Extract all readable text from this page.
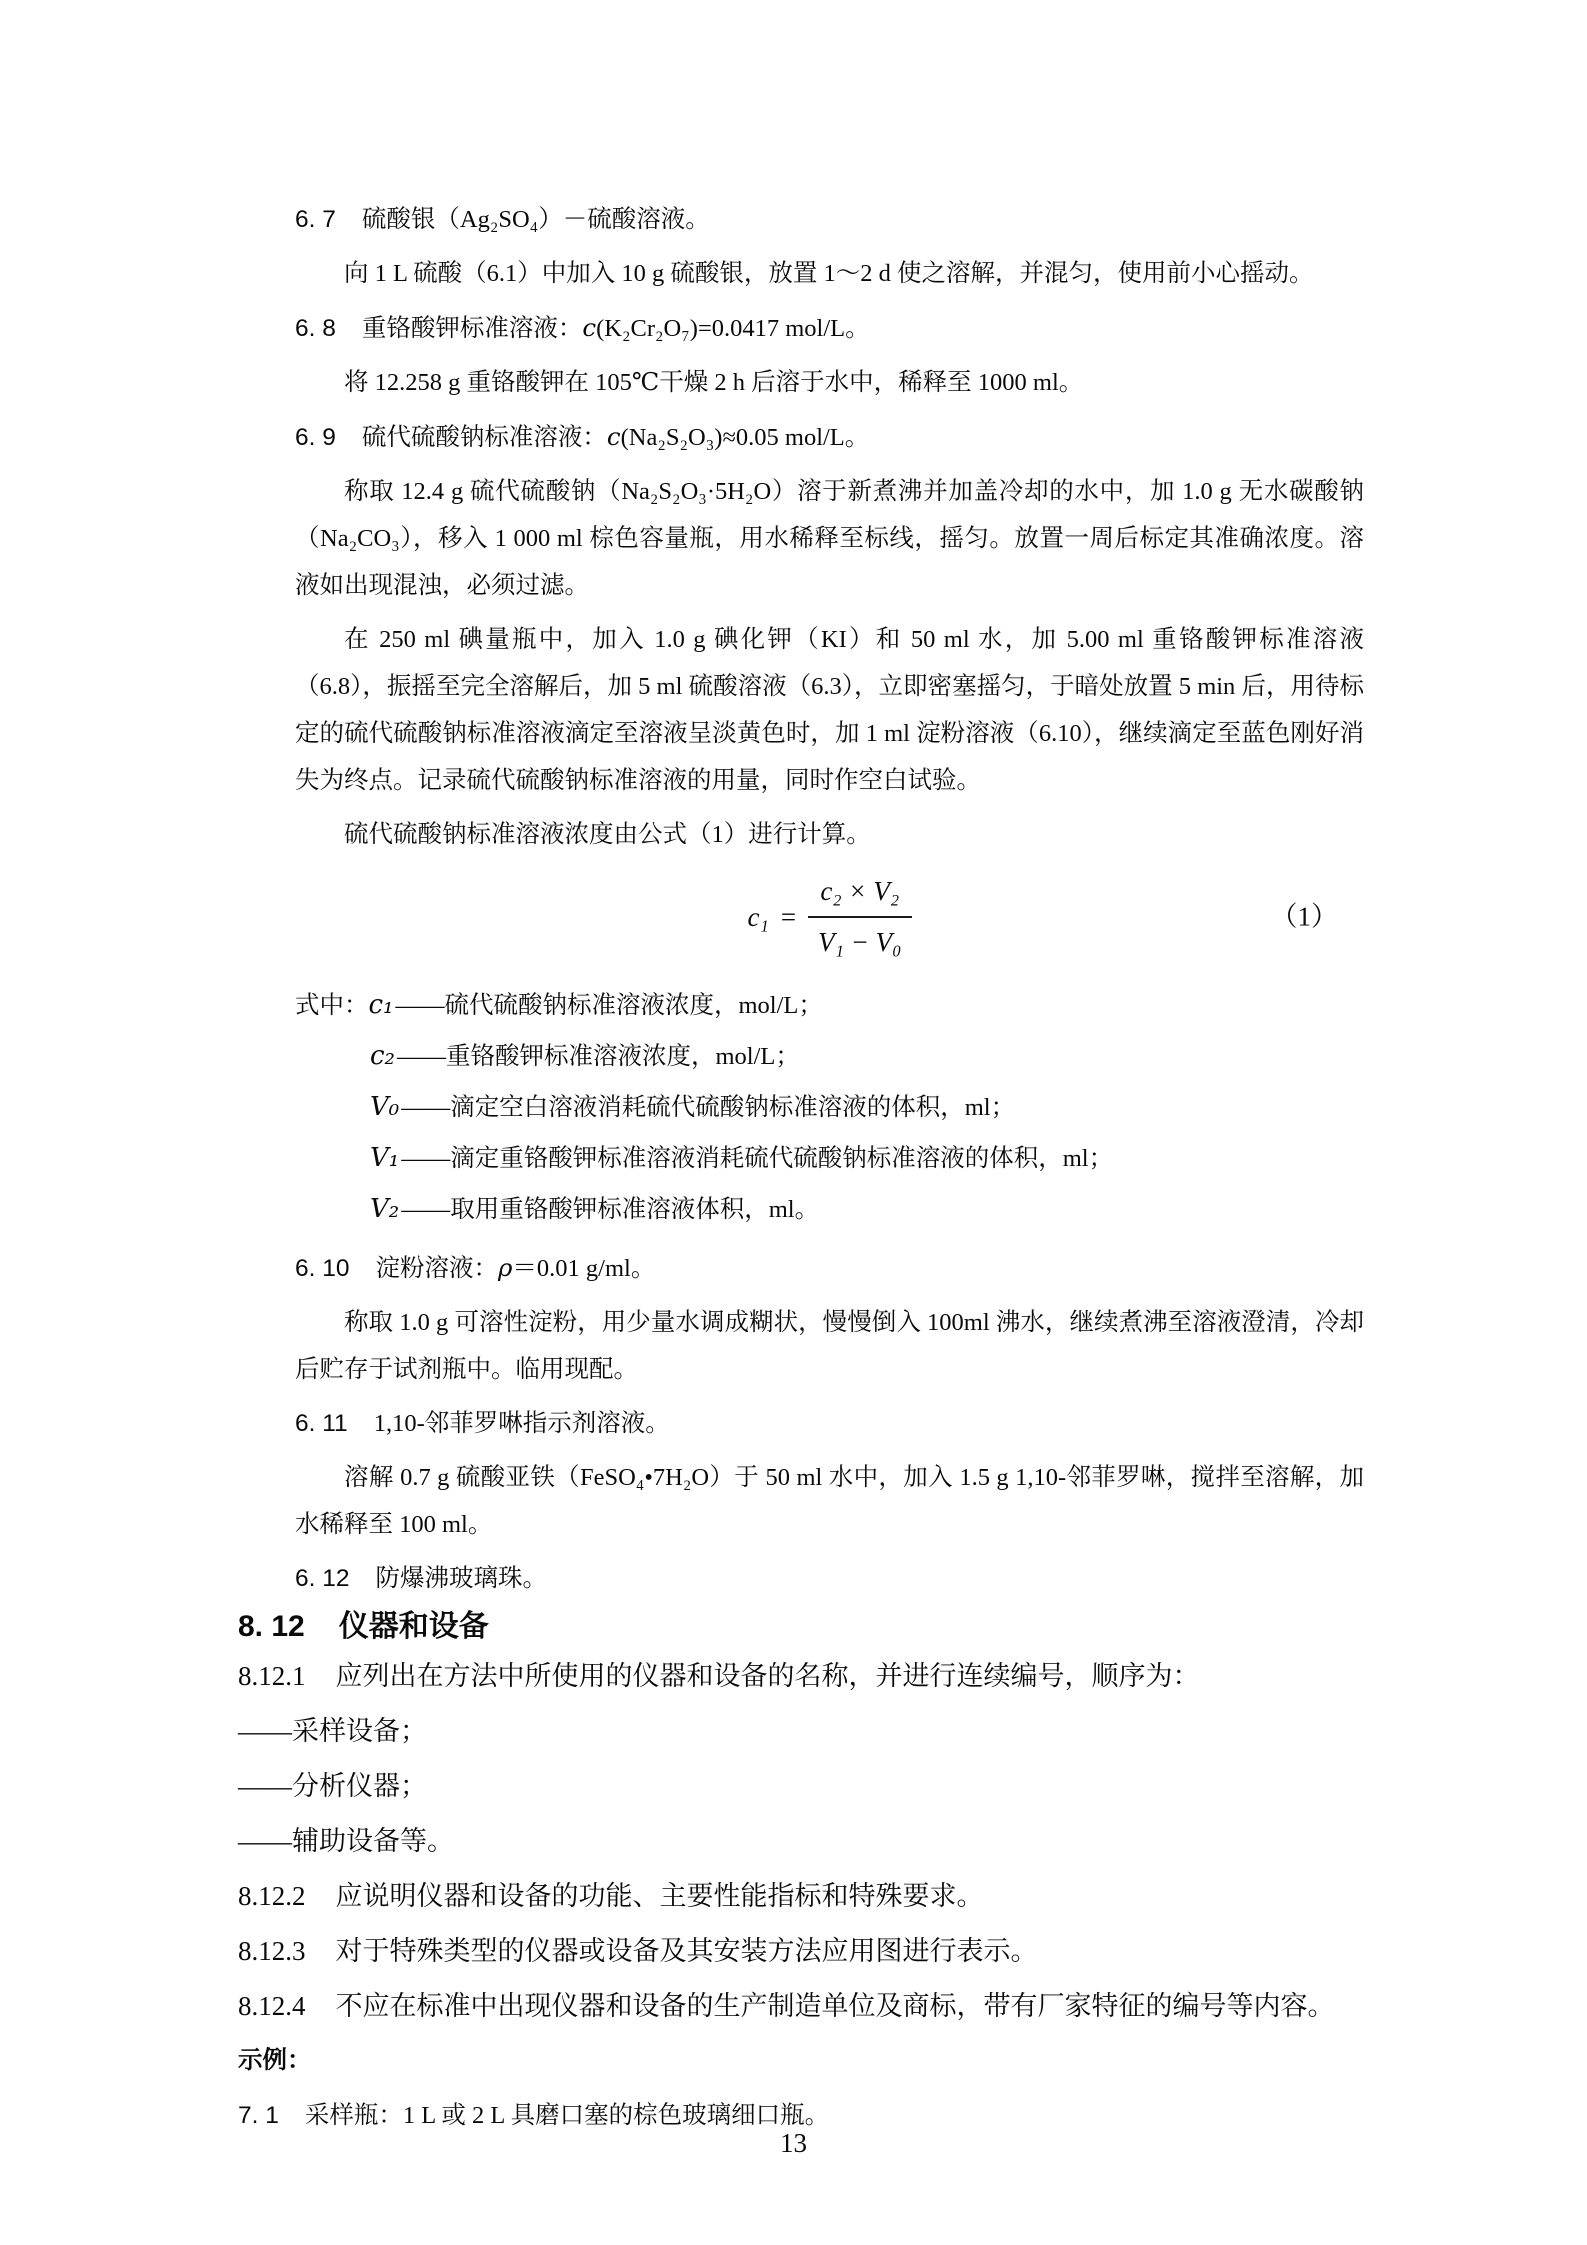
6. 7 硫酸银（Ag₂SO₄）－硫酸溶液。

向 1 L 硫酸（6.1）中加入 10 g 硫酸银，放置 1～2 d 使之溶解，并混匀，使用前小心摇动。

6. 8 重铬酸钾标准溶液：c(K₂Cr₂O₇)=0.0417 mol/L。

将 12.258 g 重铬酸钾在 105℃干燥 2 h 后溶于水中，稀释至 1000 ml。

6. 9 硫代硫酸钠标准溶液：c(Na₂S₂O₃)≈0.05 mol/L。

称取 12.4 g 硫代硫酸钠（Na₂S₂O₃·5H₂O）溶于新煮沸并加盖冷却的水中，加 1.0 g 无水碳酸钠（Na₂CO₃），移入 1 000 ml 棕色容量瓶，用水稀释至标线，摇匀。放置一周后标定其准确浓度。溶液如出现混浊，必须过滤。

在 250 ml 碘量瓶中，加入 1.0 g 碘化钾（KI）和 50 ml 水，加 5.00 ml 重铬酸钾标准溶液（6.8），振摇至完全溶解后，加 5 ml 硫酸溶液（6.3），立即密塞摇匀，于暗处放置 5 min 后，用待标定的硫代硫酸钠标准溶液滴定至溶液呈淡黄色时，加 1 ml 淀粉溶液（6.10），继续滴定至蓝色刚好消失为终点。记录硫代硫酸钠标准溶液的用量，同时作空白试验。

硫代硫酸钠标准溶液浓度由公式（1）进行计算。

$c_1 = \frac{\text{c₂ × V₂}}{\text{V₁ − V₀}}$	（1）

式中：c₁——硫代硫酸钠标准溶液浓度，mol/L；

c₂——重铬酸钾标准溶液浓度，mol/L；

V₀——滴定空白溶液消耗硫代硫酸钠标准溶液的体积，ml；

V₁——滴定重铬酸钾标准溶液消耗硫代硫酸钠标准溶液的体积，ml；

V₂——取用重铬酸钾标准溶液体积，ml。

6. 10 淀粉溶液：ρ＝0.01 g/ml。

称取 1.0 g 可溶性淀粉，用少量水调成糊状，慢慢倒入 100ml 沸水，继续煮沸至溶液澄清，冷却后贮存于试剂瓶中。临用现配。

6. 11 1,10-邻菲罗啉指示剂溶液。

溶解 0.7 g 硫酸亚铁（FeSO₄•7H₂O）于 50 ml 水中，加入 1.5 g 1,10-邻菲罗啉，搅拌至溶解，加水稀释至 100 ml。

6. 12 防爆沸玻璃珠。

8. 12 仪器和设备

8.12.1 应列出在方法中所使用的仪器和设备的名称，并进行连续编号，顺序为：

——采样设备；

——分析仪器；

——辅助设备等。

8.12.2 应说明仪器和设备的功能、主要性能指标和特殊要求。

8.12.3 对于特殊类型的仪器或设备及其安装方法应用图进行表示。

8.12.4 不应在标准中出现仪器和设备的生产制造单位及商标，带有厂家特征的编号等内容。

示例：

7. 1 采样瓶：1 L 或 2 L 具磨口塞的棕色玻璃细口瓶。

13
